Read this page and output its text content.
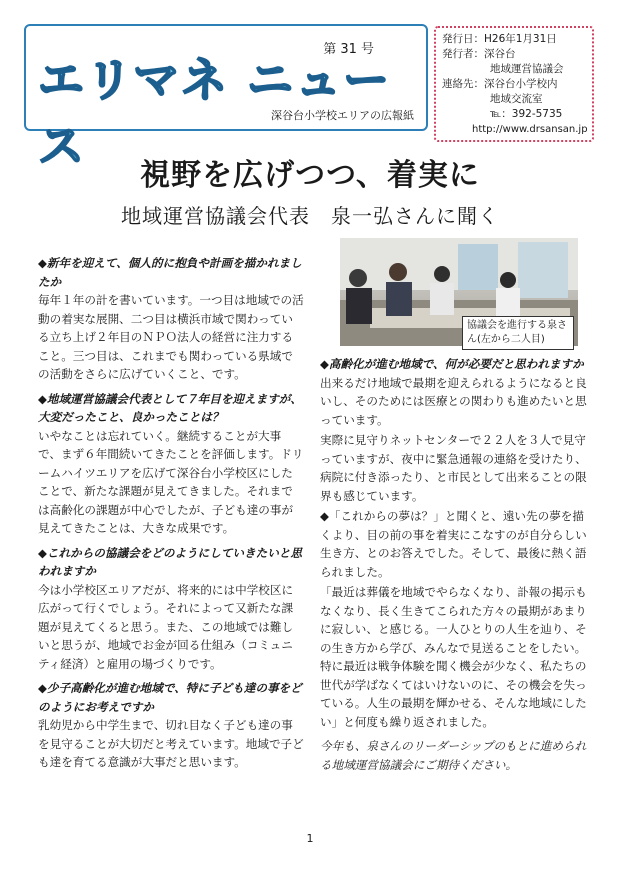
エリマネ ニュース
第 31 号
深谷台小学校エリアの広報紙
発行日：H26年1月31日
発行者：深谷台
地域運営協議会
連絡先：深谷台小学校内
地域交流室
℡：392-5735
http://www.drsansan.jp
視野を広げつつ、着実に
地域運営協議会代表　泉一弘さんに聞く
◆新年を迎えて、個人的に抱負や計画を描かれましたか
毎年１年の計を書いています。一つ目は地域での活動の着実な展開、二つ目は横浜市域で関わっている立ち上げ２年目のＮＰＯ法人の経営に注力すること。三つ目は、これまでも関わっている県域での活動をさらに広げていくこと、です。
◆地域運営協議会代表として７年目を迎えますが、大変だったこと、良かったことは？
いやなことは忘れていく。継続することが大事で、まず６年間続いてきたことを評価します。ドリームハイツエリアを広げて深谷台小学校区にしたことで、新たな課題が見えてきました。それまでは高齢化の課題が中心でしたが、子ども達の事が見えてきたことは、大きな成果です。
◆これからの協議会をどのようにしていきたいと思われますか
今は小学校区エリアだが、将来的には中学校区に広がって行くでしょう。それによって又新たな課題が見えてくると思う。また、この地域では難しいと思うが、地域でお金が回る仕組み（コミュニティ経済）と雇用の場づくりです。
◆少子高齢化が進む地域で、特に子ども達の事をどのようにお考えですか
乳幼児から中学生まで、切れ目なく子ども達の事を見守ることが大切だと考えています。地域で子ども達を育てる意識が大事だと思います。
協議会を進行する泉さん(左から二人目)
◆高齢化が進む地域で、何が必要だと思われますか
出来るだけ地域で最期を迎えられるようになると良いし、そのためには医療との関わりも進めたいと思っています。
実際に見守りネットセンターで２２人を３人で見守っていますが、夜中に緊急通報の連絡を受けたり、病院に付き添ったり、と市民として出来ることの限界も感じています。
◆「これからの夢は？」と聞くと、遠い先の夢を描くより、目の前の事を着実にこなすのが自分らしい生き方、とのお答えでした。そして、最後に熱く語られました。
「最近は葬儀を地域でやらなくなり、訃報の掲示もなくなり、長く生きてこられた方々の最期があまりに寂しい、と感じる。一人ひとりの人生を辿り、その生き方から学び、みんなで見送ることをしたい。特に最近は戦争体験を聞く機会が少なく、私たちの世代が学ばなくてはいけないのに、その機会を失っている。人生の最期を輝かせる、そんな地域にしたい」と何度も繰り返されました。
今年も、泉さんのリーダーシップのもとに進められる地域運営協議会にご期待ください。
1
